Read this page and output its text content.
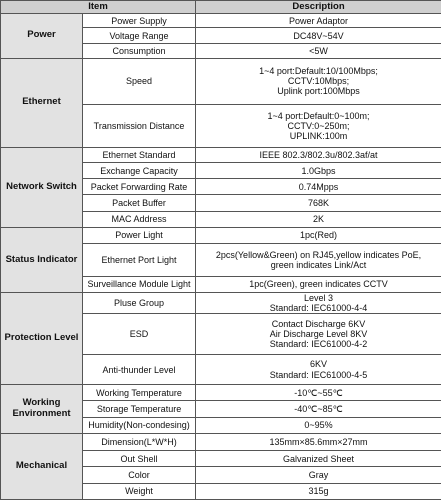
Item		Description
Power	Power Supply	Power Adaptor

	Voltage Range	DC48V~54V

	Consumption	<5W

Ethernet	Speed	1~4 port:Default:10/100Mbps;
CCTV:10Mbps;
Uplink port:100Mbps

	Transmission Distance	1~4 port:Default:0~100m;
CCTV:0~250m;
UPLINK:100m

Network Switch	Ethernet Standard	IEEE 802.3/802.3u/802.3af/at

	Exchange Capacity	1.0Gbps

	Packet Forwarding Rate	0.74Mpps

	Packet Buffer	768K

	MAC Address	2K

Status Indicator	Power Light	1pc(Red)

	Ethernet Port Light	2pcs(Yellow&Green) on RJ45,yellow indicates PoE,
green indicates Link/Act

	Surveillance Module Light	1pc(Green), green indicates CCTV

Protection Level	Pluse Group	Level 3
Standard: IEC61000-4-4

	ESD	Contact Discharge 6KV
Air Discharge Level 8KV
Standard: IEC61000-4-2

	Anti-thunder Level	6KV
Standard: IEC61000-4-5

Working Environment	Working Temperature	-10℃~55℃

	Storage Temperature	-40℃~85℃

	Humidity(Non-condesing)	0~95%

Mechanical	Dimension(L*W*H)	135mm×85.6mm×27mm

	Out Shell	Galvanized Sheet

	Color	Gray

	Weight	315g
